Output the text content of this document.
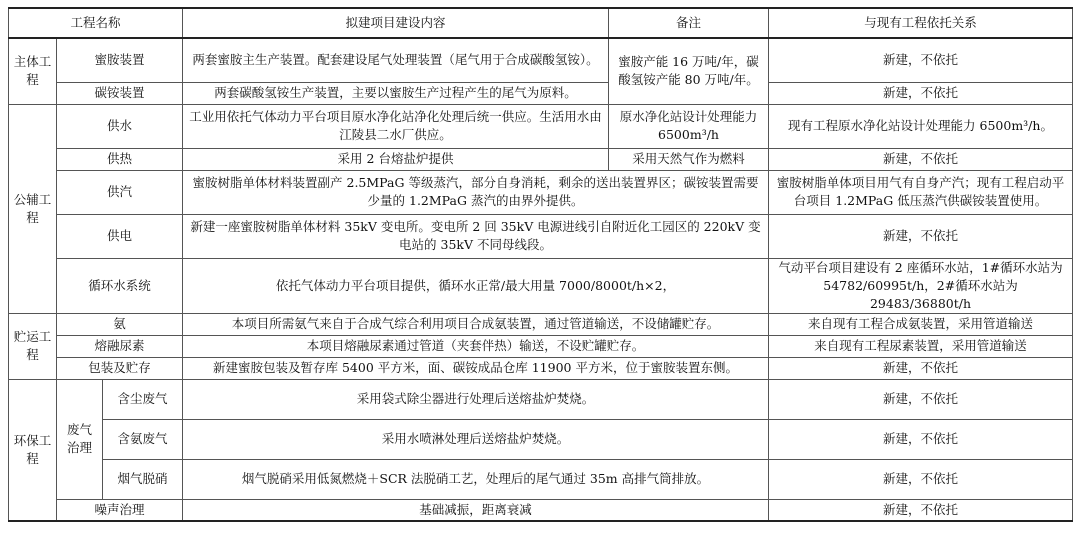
工程名称			拟建项目建设内容	备注	与现有工程依托关系
主体工程	蜜胺装置		两套蜜胺主生产装置。配套建设尾气处理装置（尾气用于合成碳酸氢铵）。	蜜胺产能 16 万吨/年，碳酸氢铵产能 80 万吨/年。	新建，不依托
	碳铵装置		两套碳酸氢铵生产装置，主要以蜜胺生产过程产生的尾气为原料。		新建，不依托
公辅工程	供水		工业用依托气体动力平台项目原水净化站净化处理后统一供应。生活用水由江陵县二水厂供应。	原水净化站设计处理能力 6500m³/h	现有工程原水净化站设计处理能力 6500m³/h。
	供热		采用 2 台熔盐炉提供	采用天然气作为燃料	新建，不依托
	供汽		蜜胺树脂单体材料装置副产 2.5MPaG 等级蒸汽，部分自身消耗，剩余的送出装置界区；碳铵装置需要少量的 1.2MPaG 蒸汽的由界外提供。		蜜胺树脂单体项目用气有自身产汽；现有工程启动平台项目 1.2MPaG 低压蒸汽供碳铵装置使用。
	供电		新建一座蜜胺树脂单体材料 35kV 变电所。变电所 2 回 35kV 电源进线引自附近化工园区的 220kV 变电站的 35kV 不同母线段。		新建，不依托
	循环水系统		依托气体动力平台项目提供，循环水正常/最大用量 7000/8000t/h×2，		气动平台项目建设有 2 座循环水站，1#循环水站为 54782/60995t/h，2#循环水站为 29483/36880t/h
贮运工程	氨		本项目所需氨气来自于合成气综合利用项目合成氨装置，通过管道输送，不设储罐贮存。		来自现有工程合成氨装置，采用管道输送
	熔融尿素		本项目熔融尿素通过管道（夹套伴热）输送，不设贮罐贮存。		来自现有工程尿素装置，采用管道输送
	包装及贮存		新建蜜胺包装及暂存库 5400 平方米，面、碳铵成品仓库 11900 平方米，位于蜜胺装置东侧。		新建，不依托
环保工程	废气治理	含尘废气	采用袋式除尘器进行处理后送熔盐炉焚烧。		新建，不依托
		含氨废气	采用水喷淋处理后送熔盐炉焚烧。		新建，不依托
		烟气脱硝	烟气脱硝采用低氮燃烧＋SCR 法脱硝工艺，处理后的尾气通过 35m 高排气筒排放。		新建，不依托
	噪声治理		基础减振，距离衰减		新建，不依托
